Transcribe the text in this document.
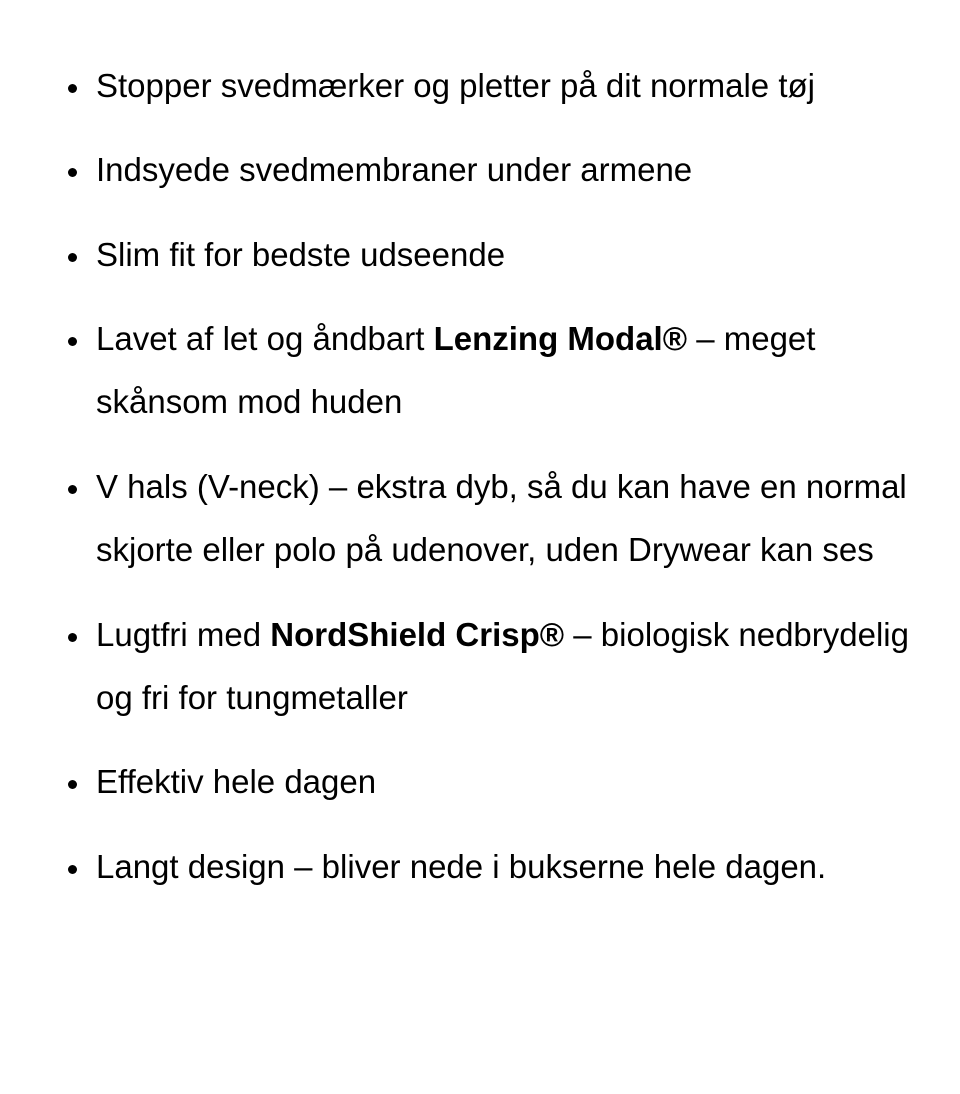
• Stopper svedmærker og pletter på dit normale tøj
• Indsyede svedmembraner under armene
• Slim fit for bedste udseende
• Lavet af let og åndbart Lenzing Modal® – meget skånsom mod huden
• V hals (V-neck) – ekstra dyb, så du kan have en normal skjorte eller polo på udenover, uden Drywear kan ses
• Lugtfri med NordShield Crisp® – biologisk nedbrydelig og fri for tungmetaller
• Effektiv hele dagen
• Langt design – bliver nede i bukserne hele dagen.
